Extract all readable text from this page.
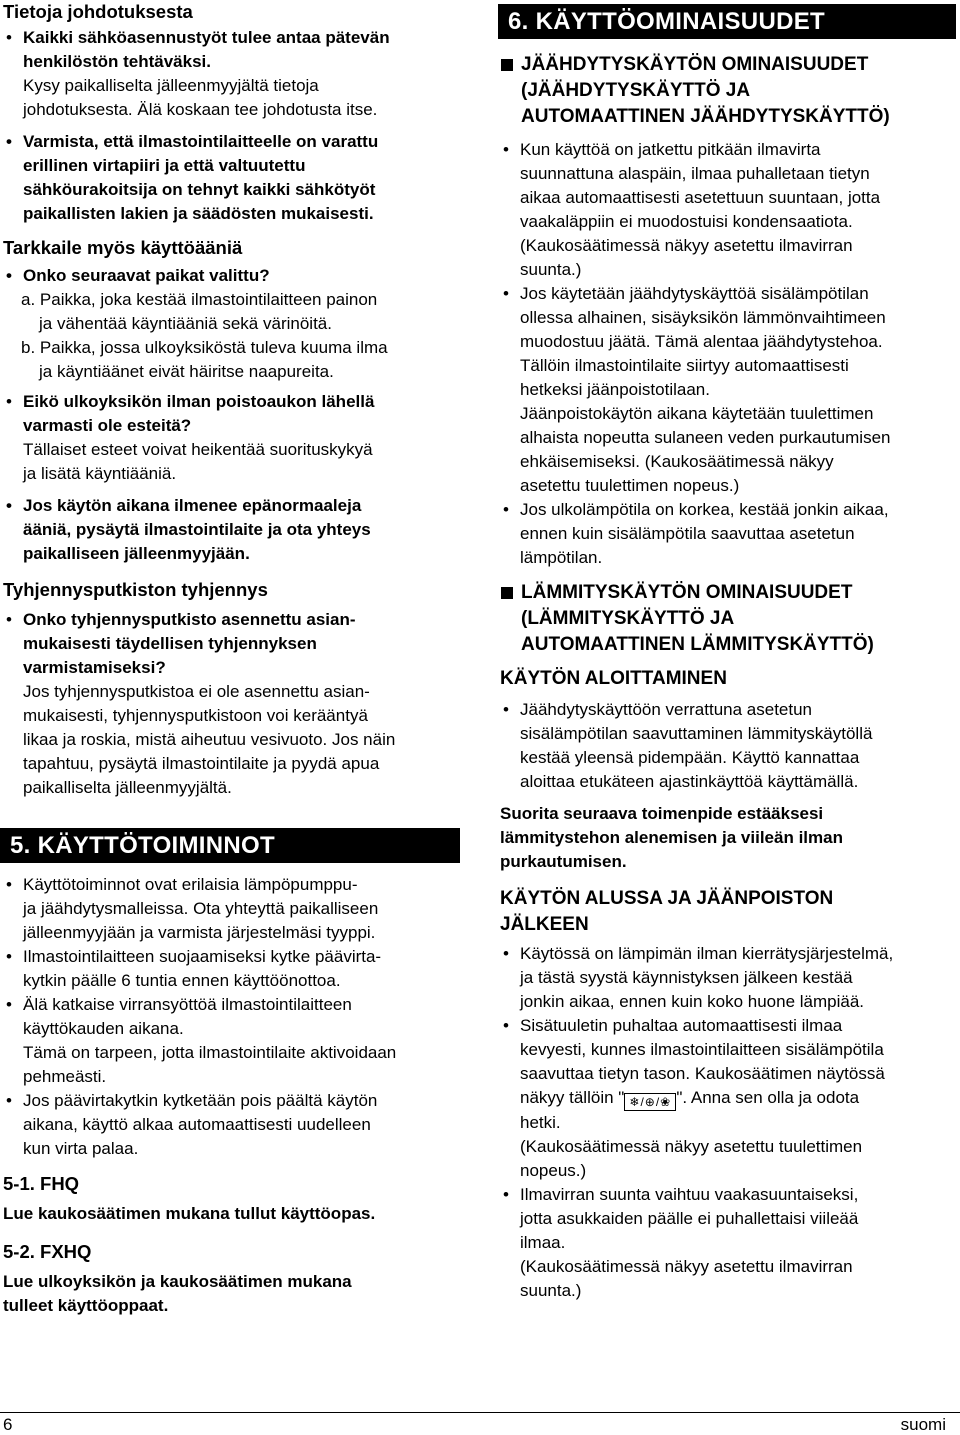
Tietoja johdotuksesta
• Kaikki sähköasennustyöt tulee antaa pätevän
henkilöstön tehtäväksi.
Kysy paikalliselta jälleenmyyjältä tietoja
johdotuksesta. Älä koskaan tee johdotusta itse.
• Varmista, että ilmastointilaitteelle on varattu
erillinen virtapiiri ja että valtuutettu
sähköurakoitsija on tehnyt kaikki sähkötyöt
paikallisten lakien ja säädösten mukaisesti.
Tarkkaile myös käyttöääniä
• Onko seuraavat paikat valittu?
a. Paikka, joka kestää ilmastointilaitteen painon
ja vähentää käyntiääniä sekä värinöitä.
b. Paikka, jossa ulkoyksiköstä tuleva kuuma ilma
ja käyntiäänet eivät häiritse naapureita.
• Eikö ulkoyksikön ilman poistoaukon lähellä
varmasti ole esteitä?
Tällaiset esteet voivat heikentää suorituskykyä
ja lisätä käyntiääniä.
• Jos käytön aikana ilmenee epänormaaleja
ääniä, pysäytä ilmastointilaite ja ota yhteys
paikalliseen jälleenmyyjään.
Tyhjennysputkiston tyhjennys
• Onko tyhjennysputkisto asennettu asian-
mukaisesti täydellisen tyhjennyksen
varmistamiseksi?
Jos tyhjennysputkistoa ei ole asennettu asian-
mukaisesti, tyhjennysputkistoon voi kerääntyä
likaa ja roskia, mistä aiheutuu vesivuoto. Jos näin
tapahtuu, pysäytä ilmastointilaite ja pyydä apua
paikalliselta jälleenmyyjältä.
5. KÄYTTÖTOIMINNOT
• Käyttötoiminnot ovat erilaisia lämpöpumppu-
ja jäähdytysmalleissa. Ota yhteyttä paikalliseen
jälleenmyyjään ja varmista järjestelmäsi tyyppi.
• Ilmastointilaitteen suojaamiseksi kytke päävirta-
kytkin päälle 6 tuntia ennen käyttöönottoa.
• Älä katkaise virransyöttöä ilmastointilaitteen
käyttökauden aikana.
Tämä on tarpeen, jotta ilmastointilaite aktivoidaan
pehmeästi.
• Jos päävirtakytkin kytketään pois päältä käytön
aikana, käyttö alkaa automaattisesti uudelleen
kun virta palaa.
5-1. FHQ
Lue kaukosäätimen mukana tullut käyttöopas.
5-2. FXHQ
Lue ulkoyksikön ja kaukosäätimen mukana
tulleet käyttöoppaat.
6. KÄYTTÖOMINAISUUDET
JÄÄHDYTYSKÄYTÖN OMINAISUUDET
(JÄÄHDYTYSKÄYTTÖ JA
AUTOMAATTINEN JÄÄHDYTYSKÄYTTÖ)
• Kun käyttöä on jatkettu pitkään ilmavirta
suunnattuna alaspäin, ilmaa puhalletaan tietyn
aikaa automaattisesti asetettuun suuntaan, jotta
vaakaläppiin ei muodostuisi kondensaatiota.
(Kaukosäätimessä näkyy asetettu ilmavirran
suunta.)
• Jos käytetään jäähdytyskäyttöä sisälämpötilan
ollessa alhainen, sisäyksikön lämmönvaihtimeen
muodostuu jäätä. Tämä alentaa jäähdytystehoa.
Tällöin ilmastointilaite siirtyy automaattisesti
hetkeksi jäänpoistotilaan.
Jäänpoistokäytön aikana käytetään tuulettimen
alhaista nopeutta sulaneen veden purkautumisen
ehkäisemiseksi. (Kaukosäätimessä näkyy
asetettu tuulettimen nopeus.)
• Jos ulkolämpötila on korkea, kestää jonkin aikaa,
ennen kuin sisälämpötila saavuttaa asetetun
lämpötilan.
LÄMMITYSKÄYTÖN OMINAISUUDET
(LÄMMITYSKÄYTTÖ JA
AUTOMAATTINEN LÄMMITYSKÄYTTÖ)
KÄYTÖN ALOITTAMINEN
• Jäähdytyskäyttöön verrattuna asetetun
sisälämpötilan saavuttaminen lämmityskäytöllä
kestää yleensä pidempään. Käyttö kannattaa
aloittaa etukäteen ajastinkäyttöä käyttämällä.
Suorita seuraava toimenpide estääksesi
lämmitystehon alenemisen ja viileän ilman
purkautumisen.
KÄYTÖN ALUSSA JA JÄÄNPOISTON
JÄLKEEN
• Käytössä on lämpimän ilman kierrätysjärjestelmä,
ja tästä syystä käynnistyksen jälkeen kestää
jonkin aikaa, ennen kuin koko huone lämpiää.
• Sisätuuletin puhaltaa automaattisesti ilmaa
kevyesti, kunnes ilmastointilaitteen sisälämpötila
saavuttaa tietyn tason. Kaukosäätimen näytössä
näkyy tällöin " ❄/⊕/❀ ". Anna sen olla ja odota
hetki.
(Kaukosäätimessä näkyy asetettu tuulettimen
nopeus.)
• Ilmavirran suunta vaihtuu vaakasuuntaiseksi,
jotta asukkaiden päälle ei puhallettaisi viileää
ilmaa.
(Kaukosäätimessä näkyy asetettu ilmavirran
suunta.)
6	suomi
